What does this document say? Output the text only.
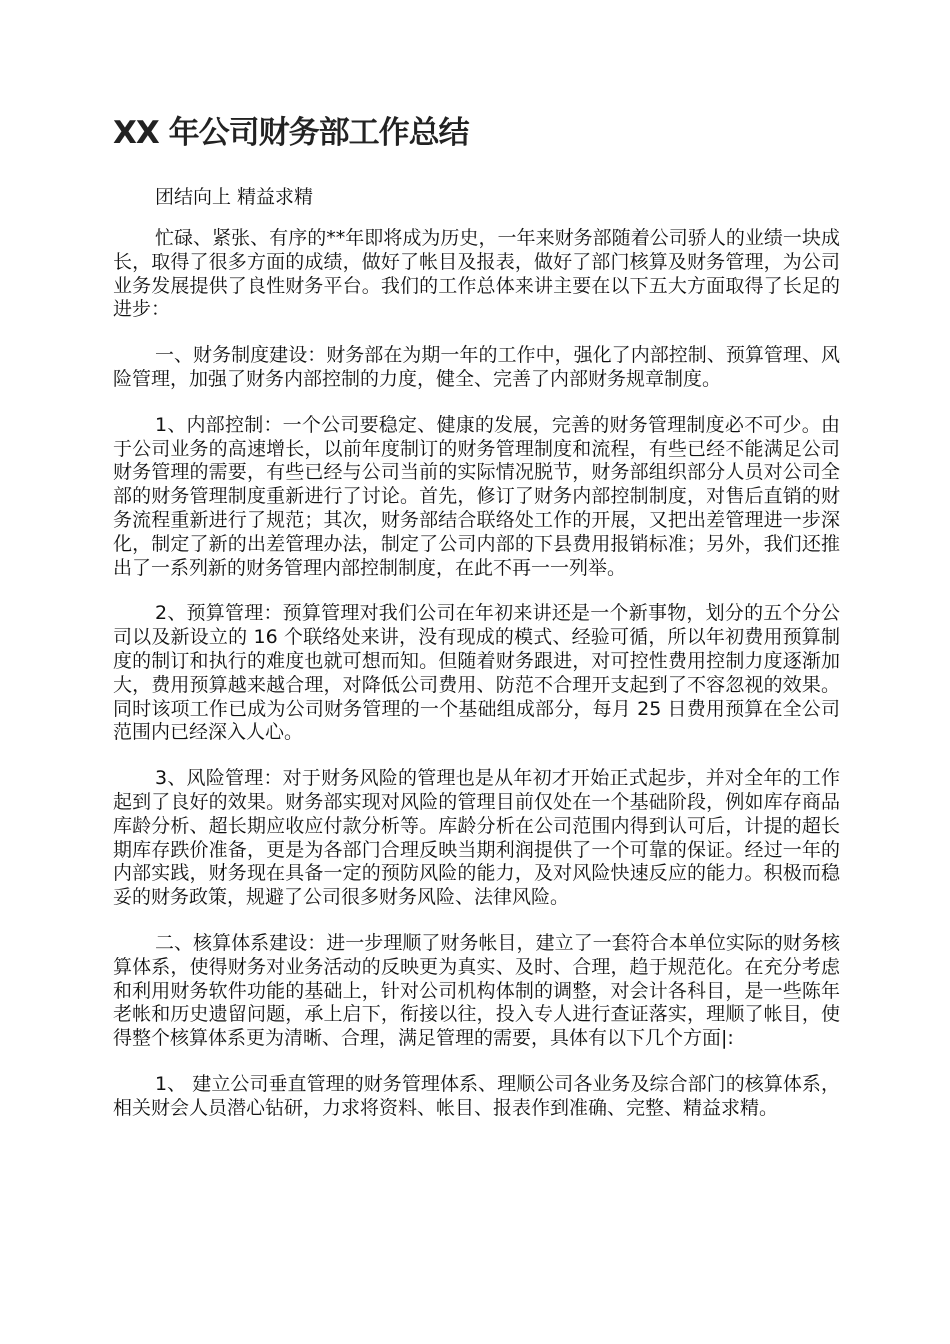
XX 年公司财务部工作总结

团结向上 精益求精

忙碌、紧张、有序的**年即将成为历史，一年来财务部随着公司骄人的业绩一块成长，取得了很多方面的成绩，做好了帐目及报表，做好了部门核算及财务管理，为公司业务发展提供了良性财务平台。我们的工作总体来讲主要在以下五大方面取得了长足的进步：

一、财务制度建设：财务部在为期一年的工作中，强化了内部控制、预算管理、风险管理，加强了财务内部控制的力度，健全、完善了内部财务规章制度。

1、内部控制：一个公司要稳定、健康的发展，完善的财务管理制度必不可少。由于公司业务的高速增长，以前年度制订的财务管理制度和流程，有些已经不能满足公司财务管理的需要，有些已经与公司当前的实际情况脱节，财务部组织部分人员对公司全部的财务管理制度重新进行了讨论。首先，修订了财务内部控制制度，对售后直销的财务流程重新进行了规范；其次，财务部结合联络处工作的开展，又把出差管理进一步深化，制定了新的出差管理办法，制定了公司内部的下县费用报销标准；另外，我们还推出了一系列新的财务管理内部控制制度，在此不再一一列举。

2、预算管理：预算管理对我们公司在年初来讲还是一个新事物，划分的五个分公司以及新设立的 16 个联络处来讲，没有现成的模式、经验可循，所以年初费用预算制度的制订和执行的难度也就可想而知。但随着财务跟进，对可控性费用控制力度逐渐加大，费用预算越来越合理，对降低公司费用、防范不合理开支起到了不容忽视的效果。同时该项工作已成为公司财务管理的一个基础组成部分，每月 25 日费用预算在全公司范围内已经深入人心。

3、风险管理：对于财务风险的管理也是从年初才开始正式起步，并对全年的工作起到了良好的效果。财务部实现对风险的管理目前仅处在一个基础阶段，例如库存商品库龄分析、超长期应收应付款分析等。库龄分析在公司范围内得到认可后，计提的超长期库存跌价准备，更是为各部门合理反映当期利润提供了一个可靠的保证。经过一年的内部实践，财务现在具备一定的预防风险的能力，及对风险快速反应的能力。积极而稳妥的财务政策，规避了公司很多财务风险、法律风险。

二、核算体系建设：进一步理顺了财务帐目，建立了一套符合本单位实际的财务核算体系，使得财务对业务活动的反映更为真实、及时、合理，趋于规范化。在充分考虑和利用财务软件功能的基础上，针对公司机构体制的调整，对会计各科目，是一些陈年老帐和历史遗留问题，承上启下，衔接以往，投入专人进行查证落实，理顺了帐目，使得整个核算体系更为清晰、合理，满足管理的需要，具体有以下几个方面|:

1、 建立公司垂直管理的财务管理体系、理顺公司各业务及综合部门的核算体系，相关财会人员潜心钻研，力求将资料、帐目、报表作到准确、完整、精益求精。
